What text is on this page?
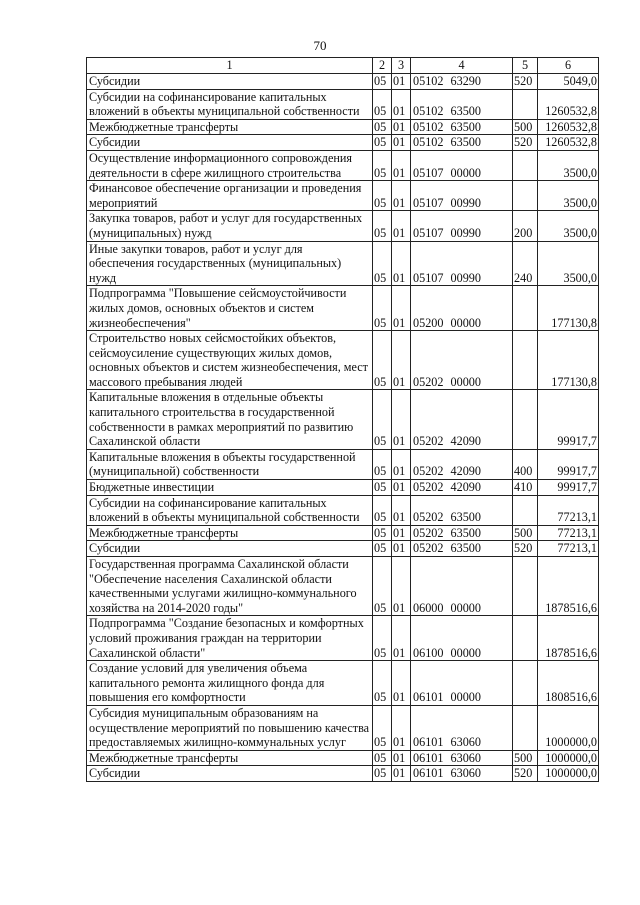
70
1	2	3	4	5	6
Субсидии	05	01	05102 63290	520	5049,0
Субсидии на софинансирование капитальных вложений в объекты муниципальной собственности	05	01	05102 63500		1260532,8
Межбюджетные трансферты	05	01	05102 63500	500	1260532,8
Субсидии	05	01	05102 63500	520	1260532,8
Осуществление информационного сопровождения деятельности в сфере жилищного строительства	05	01	05107 00000		3500,0
Финансовое обеспечение организации и проведения мероприятий	05	01	05107 00990		3500,0
Закупка товаров, работ и услуг для государственных (муниципальных) нужд	05	01	05107 00990	200	3500,0
Иные закупки товаров, работ и услуг для обеспечения государственных (муниципальных) нужд	05	01	05107 00990	240	3500,0
Подпрограмма "Повышение сейсмоустойчивости жилых домов, основных объектов и систем жизнеобеспечения"	05	01	05200 00000		177130,8
Строительство новых сейсмостойких объектов, сейсмоусиление существующих жилых домов, основных объектов и систем жизнеобеспечения, мест массового пребывания людей	05	01	05202 00000		177130,8
Капитальные вложения в отдельные объекты капитального строительства в государственной собственности в рамках мероприятий по развитию Сахалинской области	05	01	05202 42090		99917,7
Капитальные вложения в объекты государственной (муниципальной) собственности	05	01	05202 42090	400	99917,7
Бюджетные инвестиции	05	01	05202 42090	410	99917,7
Субсидии на софинансирование капитальных вложений в объекты муниципальной собственности	05	01	05202 63500		77213,1
Межбюджетные трансферты	05	01	05202 63500	500	77213,1
Субсидии	05	01	05202 63500	520	77213,1
Государственная программа Сахалинской области "Обеспечение населения Сахалинской области качественными услугами жилищно-коммунального хозяйства на 2014-2020 годы"	05	01	06000 00000		1878516,6
Подпрограмма "Создание безопасных и комфортных условий проживания граждан на территории Сахалинской области"	05	01	06100 00000		1878516,6
Создание условий для увеличения объема капитального ремонта жилищного фонда для повышения его комфортности	05	01	06101 00000		1808516,6
Субсидия муниципальным образованиям на осуществление мероприятий по повышению качества предоставляемых жилищно-коммунальных услуг	05	01	06101 63060		1000000,0
Межбюджетные трансферты	05	01	06101 63060	500	1000000,0
Субсидии	05	01	06101 63060	520	1000000,0
